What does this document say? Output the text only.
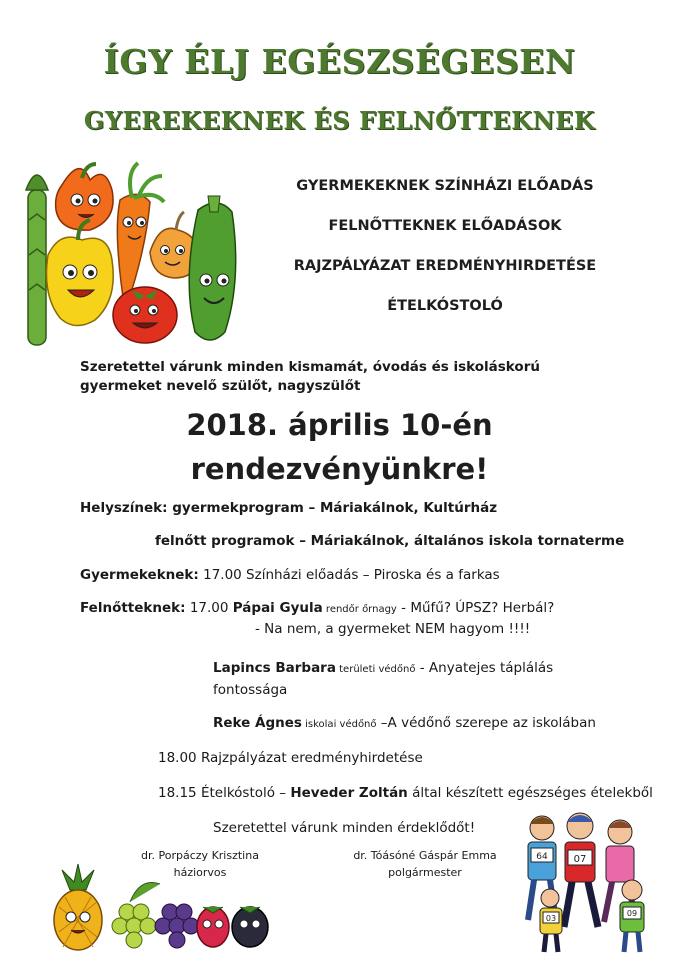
ÍGY ÉLJ EGÉSZSÉGESEN
GYEREKEKNEK ÉS FELNŐTTEKNEK
GYERMEKEKNEK SZÍNHÁZI ELŐADÁS
FELNŐTTEKNEK ELŐADÁSOK
RAJZPÁLYÁZAT EREDMÉNYHIRDETÉSE
ÉTELKÓSTOLÓ
Szeretettel várunk minden kismamát, óvodás és iskoláskorú gyermeket nevelő szülőt, nagyszülőt
2018. április 10-én
rendezvényünkre!
Helyszínek: gyermekprogram – Máriakálnok, Kultúrház
felnőtt programok – Máriakálnok, általános iskola tornaterme
Gyermekeknek: 17.00 Színházi előadás – Piroska és a farkas
Felnőtteknek: 17.00 Pápai Gyula rendőr őrnagy - Műfű? ÚPSZ? Herbál?
- Na nem, a gyermeket NEM hagyom !!!!
Lapincs Barbara területi védőnő - Anyatejes táplálás
fontossága
Reke Ágnes iskolai védőnő –A védőnő szerepe az iskolában
18.00 Rajzpályázat eredményhirdetése
18.15 Ételkóstoló – Heveder Zoltán által készített egészséges ételekből
Szeretettel várunk minden érdeklődőt!
dr. Porpáczy Krisztina
háziorvos
dr. Tóásóné Gáspár Emma
polgármester
64	07
09
03
